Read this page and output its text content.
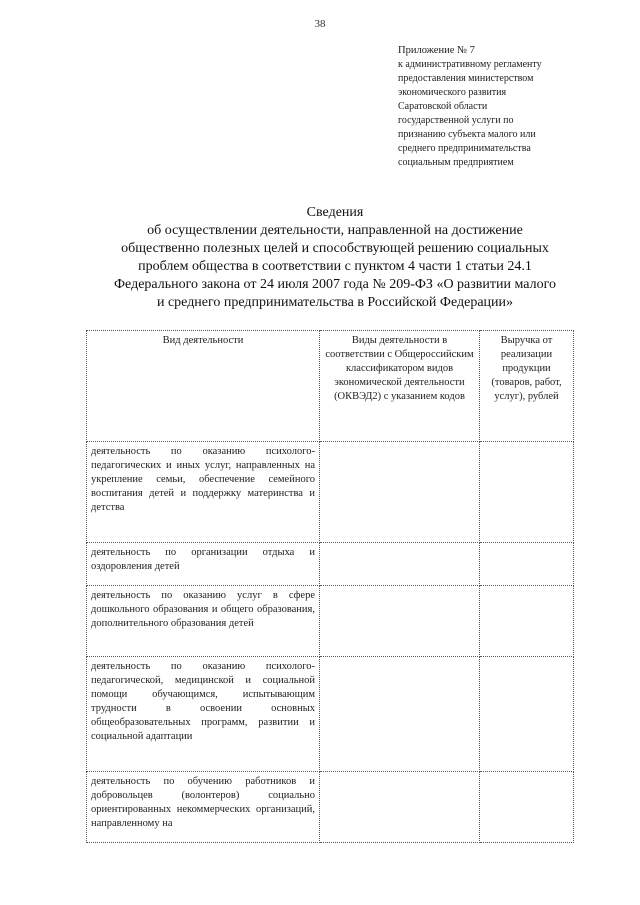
38
Приложение № 7
к административному регламенту
предоставления министерством
экономического развития
Саратовской области
государственной услуги по
признанию субъекта малого или
среднего предпринимательства
социальным предприятием
Сведения
об осуществлении деятельности, направленной на достижение
общественно полезных целей и способствующей решению социальных
проблем общества в соответствии с пунктом 4 части 1 статьи 24.1
Федерального закона от 24 июля 2007 года № 209-ФЗ «О развитии малого
и среднего предпринимательства в Российской Федерации»
Вид деятельности	Виды деятельности в соответствии с Общероссийским классификатором видов экономической деятельности (ОКВЭД2) с указанием кодов	Выручка от реализации продукции (товаров, работ, услуг), рублей
деятельность по оказанию психолого-педагогических и иных услуг, направленных на укрепление семьи, обеспечение семейного воспитания детей и поддержку материнства и детства		
деятельность по организации отдыха и оздоровления детей		
деятельность по оказанию услуг в сфере дошкольного образования и общего образования, дополнительного образования детей		
деятельность по оказанию психолого-педагогической, медицинской и социальной помощи обучающимся, испытывающим трудности в освоении основных общеобразовательных программ, развитии и социальной адаптации		
деятельность по обучению работников и добровольцев (волонтеров) социально ориентированных некоммерческих организаций, направленному на		
